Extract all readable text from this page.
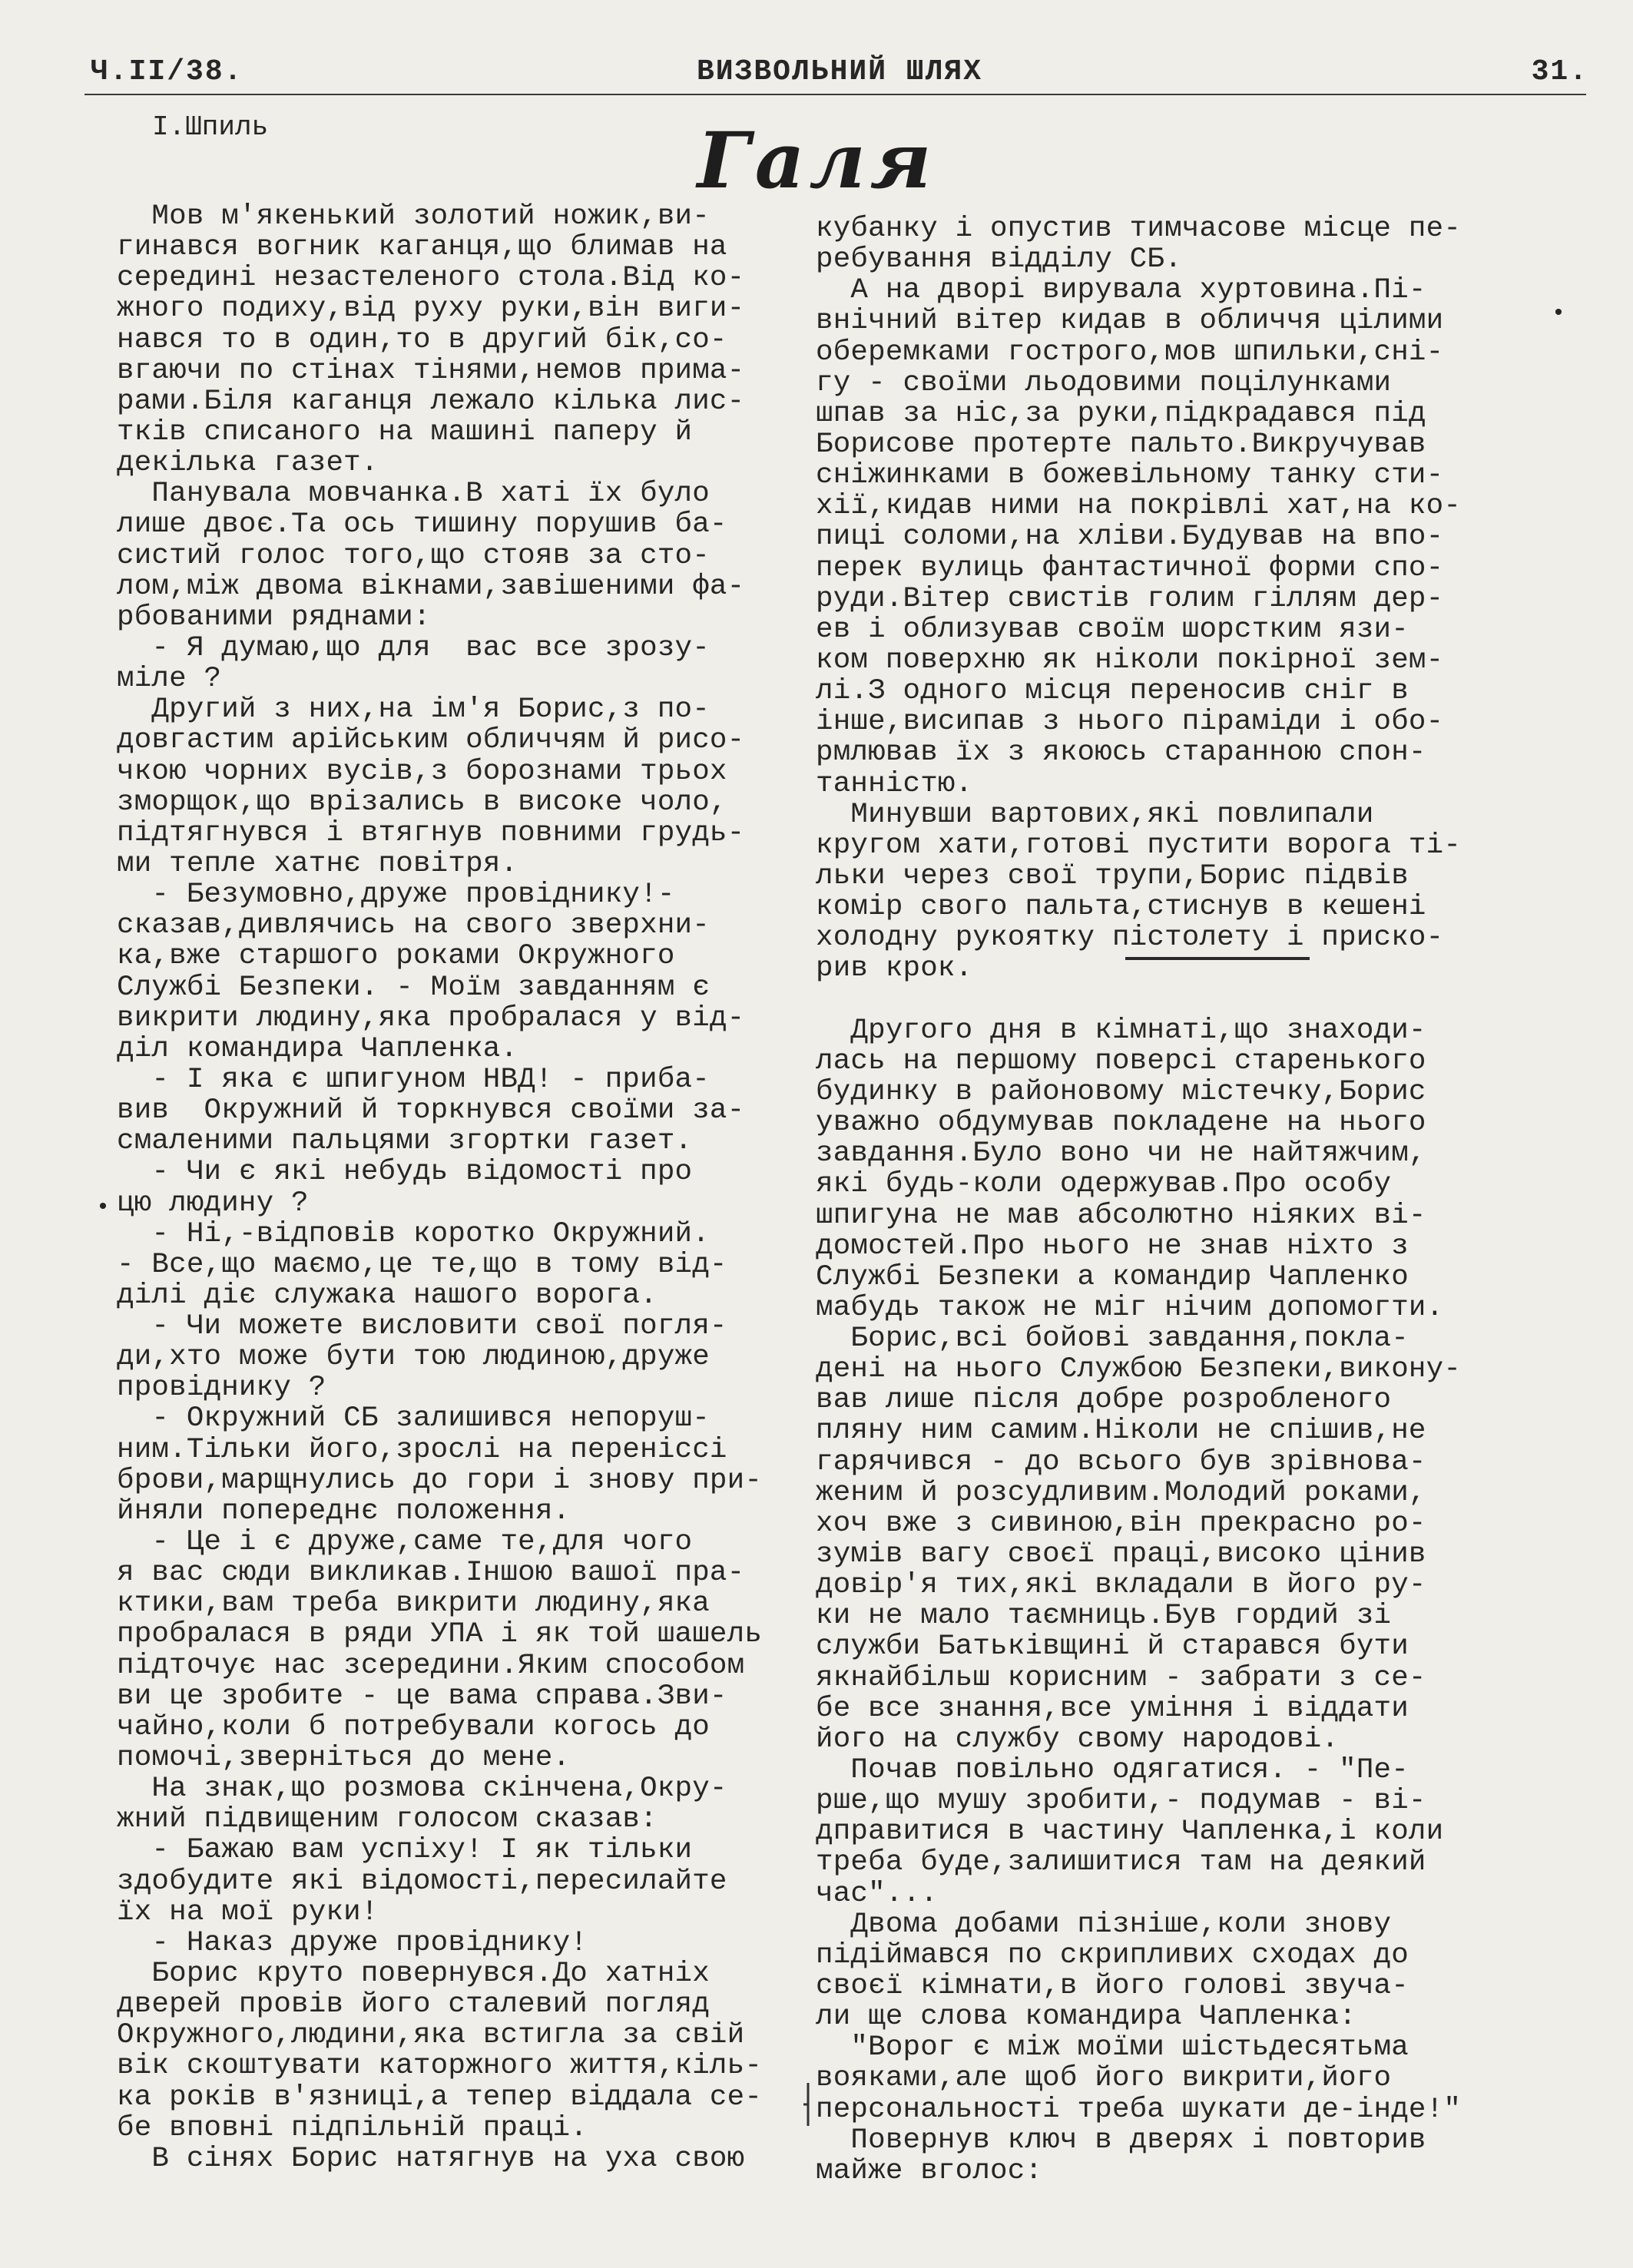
Ч.II/38.	ВИЗВОЛЬНИЙ ШЛЯХ	31.
I.Шпиль	Галя
Мов м'якенький золотий ножик,ви-
гинався вогник каганця,що блимав на
середині незастеленого стола.Від ко-
жного подиху,від руху руки,він виги-
нався то в один,то в другий бік,со-
вгаючи по стінах тінями,немов прима-
рами.Біля каганця лежало кілька лис-
тків списаного на машині паперу й
декілька газет.
Панувала мовчанка.В хаті їх було
лише двоє.Та ось тишину порушив ба-
систий голос того,що стояв за сто-
лом,між двома вікнами,завішеними фа-
рбованими ряднами:
- Я думаю,що для  вас все зрозу-
міле ?
Другий з них,на ім'я Борис,з по-
довгастим арійським обличчям й рисо-
чкою чорних вусів,з борознами трьох
зморщок,що врізались в високе чоло,
підтягнувся і втягнув повними грудь-
ми тепле хатнє повітря.
- Безумовно,друже провіднику!-
сказав,дивлячись на свого зверхни-
ка,вже старшого роками Окружного
Службі Безпеки. - Моїм завданням є
викрити людину,яка пробралася у від-
діл командира Чапленка.
- І яка є шпигуном НВД! - приба-
вив  Окружний й торкнувся своїми за-
смаленими пальцями згортки газет.
- Чи є які небудь відомості про
цю людину ?
- Ні,-відповів коротко Окружний.
- Все,що маємо,це те,що в тому від-
ділі діє служака нашого ворога.
- Чи можете висловити свої погля-
ди,хто може бути тою людиною,друже
провіднику ?
- Окружний СБ залишився непоруш-
ним.Тільки його,зрослі на переніссі
брови,марщнулись до гори і знову при-
йняли попереднє положення.
- Це і є друже,саме те,для чого
я вас сюди викликав.Іншою вашої пра-
ктики,вам треба викрити людину,яка
пробралася в ряди УПА і як той шашель
підточує нас зсередини.Яким способом
ви це зробите - це вама справа.Зви-
чайно,коли б потребували когось до
помочі,зверніться до мене.
На знак,що розмова скінчена,Окру-
жний підвищеним голосом сказав:
- Бажаю вам успіху! І як тільки
здобудите які відомості,пересилайте
їх на мої руки!
- Наказ друже провіднику!
Борис круто повернувся.До хатніх
дверей провів його сталевий погляд
Окружного,людини,яка встигла за свій
вік скоштувати каторжного життя,кіль-
ка років в'язниці,а тепер віддала се-
бе вповні підпільній праці.
В сінях Борис натягнув на уха свою
кубанку і опустив тимчасове місце пе-
ребування відділу СБ.
А на дворі вирувала хуртовина.Пі-
внічний вітер кидав в обличчя цілими
оберемками гострого,мов шпильки,сні-
гу - своїми льодовими поцілунками
шпав за ніс,за руки,підкрадався під
Борисове протерте пальто.Викручував
сніжинками в божевільному танку сти-
хії,кидав ними на покрівлі хат,на ко-
пиці соломи,на хліви.Будував на впо-
перек вулиць фантастичної форми спо-
руди.Вітер свистів голим гіллям дер-
ев і облизував своїм шорстким язи-
ком поверхню як ніколи покірної зем-
лі.З одного місця переносив сніг в
інше,висипав з нього піраміди і обо-
рмлював їх з якоюсь старанною спон-
танністю.
Минувши вартових,які повлипали
кругом хати,готові пустити ворога ті-
льки через свої трупи,Борис підвів
комір свого пальта,стиснув в кешені
холодну рукоятку пістолету і приско-
рив крок.
Другого дня в кімнаті,що знаходи-
лась на першому поверсі старенького
будинку в районовому містечку,Борис
уважно обдумував покладене на нього
завдання.Було воно чи не найтяжчим,
які будь-коли одержував.Про особу
шпигуна не мав абсолютно ніяких ві-
домостей.Про нього не знав ніхто з
Службі Безпеки а командир Чапленко
мабудь також не міг нічим допомогти.
Борис,всі бойові завдання,покла-
дені на нього Службою Безпеки,викону-
вав лише після добре розробленого
пляну ним самим.Ніколи не спішив,не
гарячився - до всього був зрівнова-
женим й розсудливим.Молодий роками,
хоч вже з сивиною,він прекрасно ро-
зумів вагу своєї праці,високо цінив
довір'я тих,які вкладали в його ру-
ки не мало таємниць.Був гордий зі
служби Батьківщині й старався бути
якнайбільш корисним - забрати з се-
бе все знання,все уміння і віддати
його на службу свому народові.
Почав повільно одягатися. - "Пе-
рше,що мушу зробити,- подумав - ві-
дправитися в частину Чапленка,і коли
треба буде,залишитися там на деякий
час"...
Двома добами пізніше,коли знову
підіймався по скрипливих сходах до
своєї кімнати,в його голові звуча-
ли ще слова командира Чапленка:
"Ворог є між моїми шістьдесятьма
вояками,але щоб його викрити,його
персональності треба шукати де-інде!"
Повернув ключ в дверях і повторив
майже вголос:
•
•
